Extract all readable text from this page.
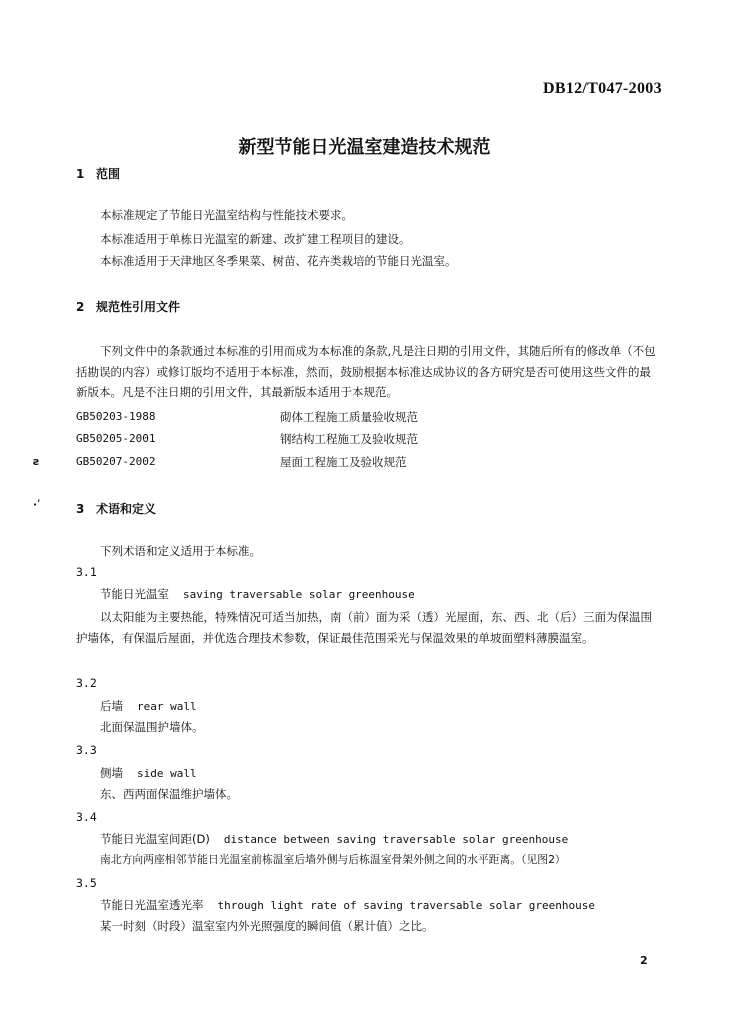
DB12/T047-2003
新型节能日光温室建造技术规范
1 范围
本标准规定了节能日光温室结构与性能技术要求。
本标准适用于单栋日光温室的新建、改扩建工程项目的建设。
本标准适用于天津地区冬季果菜、树苗、花卉类栽培的节能日光温室。
2 规范性引用文件
下列文件中的条款通过本标准的引用而成为本标准的条款,凡是注日期的引用文件，其随后所有的修改单（不包括勘误的内容）或修订版均不适用于本标准，然而，鼓励根据本标准达成协议的各方研究是否可使用这些文件的最新版本。凡是不注日期的引用文件，其最新版本适用于本规范。
GB50203-1988	砌体工程施工质量验收规范
GB50205-2001	钢结构工程施工及验收规范
ƨ	GB50207-2002	屋面工程施工及验收规范
·ʹ	3 术语和定义
下列术语和定义适用于本标准。
3.1
节能日光温室 saving traversable solar greenhouse
以太阳能为主要热能，特殊情况可适当加热，南（前）面为采（透）光屋面，东、西、北（后）三面为保温围护墙体，有保温后屋面，并优选合理技术参数，保证最佳范围采光与保温效果的单坡面塑料薄膜温室。
3.2
后墙 rear wall
北面保温围护墙体。
3.3
侧墙 side wall
东、西两面保温维护墙体。
3.4
节能日光温室间距(D) distance between saving traversable solar greenhouse
南北方向两座相邻节能日光温室前栋温室后墙外侧与后栋温室骨架外侧之间的水平距离。（见图2）
3.5
节能日光温室透光率 through light rate of saving traversable solar greenhouse
某一时刻（时段）温室室内外光照强度的瞬间值（累计值）之比。
2
